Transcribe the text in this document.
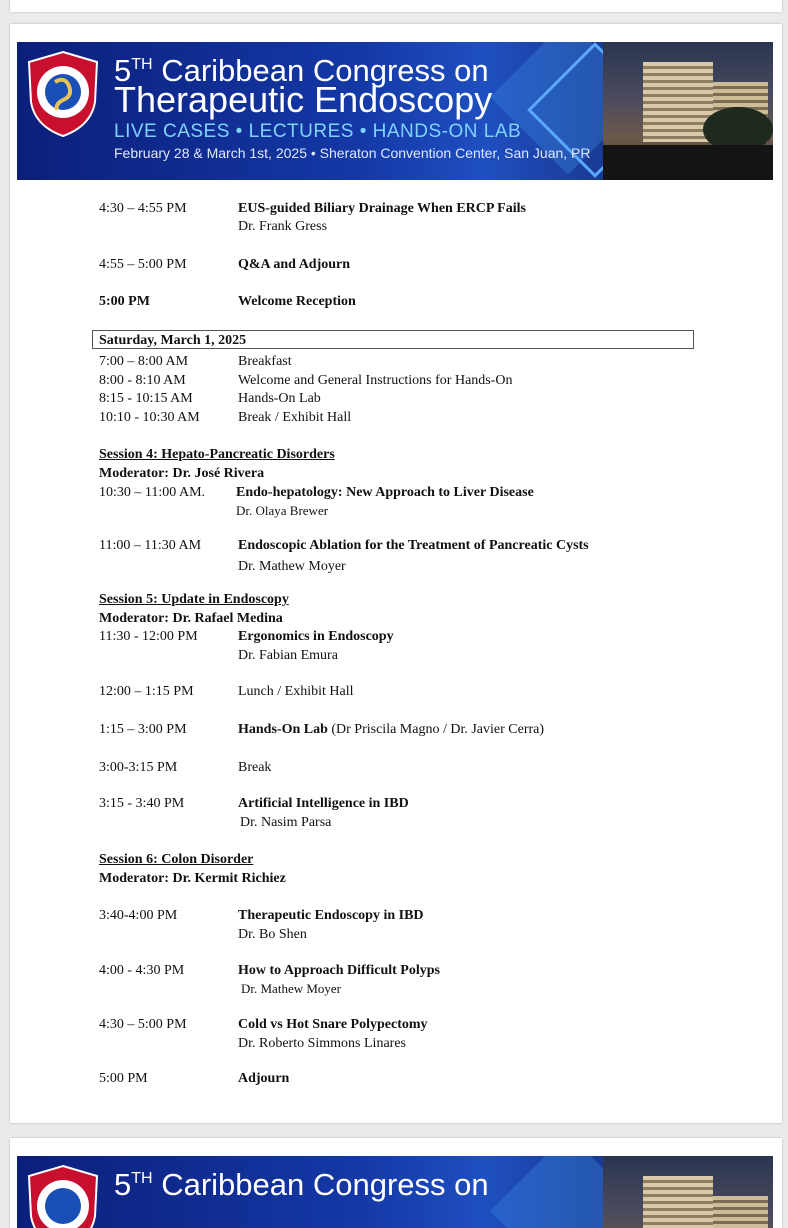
5TH Caribbean Congress on
Therapeutic Endoscopy
LIVE CASES • LECTURES • HANDS-ON LAB
February 28 & March 1st, 2025 • Sheraton Convention Center, San Juan, PR
4:30 – 4:55 PM	EUS-guided Biliary Drainage When ERCP Fails
Dr. Frank Gress
4:55 – 5:00 PM	Q&A and Adjourn
5:00 PM	Welcome Reception
Saturday, March 1, 2025
7:00 – 8:00 AM	Breakfast
8:00 - 8:10 AM	Welcome and General Instructions for Hands-On
8:15 - 10:15 AM	Hands-On Lab
10:10 - 10:30 AM	Break / Exhibit Hall
Session 4: Hepato-Pancreatic Disorders
Moderator: Dr. José Rivera
10:30 – 11:00 AM. Endo-hepatology: New Approach to Liver Disease
Dr. Olaya Brewer
11:00 – 11:30 AM	Endoscopic Ablation for the Treatment of Pancreatic Cysts
Dr. Mathew Moyer
Session 5: Update in Endoscopy
Moderator: Dr. Rafael Medina
11:30 - 12:00 PM	Ergonomics in Endoscopy
Dr. Fabian Emura
12:00 – 1:15 PM	Lunch / Exhibit Hall
1:15 – 3:00 PM	Hands-On Lab (Dr Priscila Magno / Dr. Javier Cerra)
3:00-3:15 PM	Break
3:15 - 3:40 PM	Artificial Intelligence in IBD
Dr. Nasim Parsa
Session 6: Colon Disorder
Moderator: Dr. Kermit Richiez
3:40-4:00 PM	Therapeutic Endoscopy in IBD
Dr. Bo Shen
4:00 - 4:30 PM	How to Approach Difficult Polyps
Dr. Mathew Moyer
4:30 – 5:00 PM	Cold vs Hot Snare Polypectomy
Dr. Roberto Simmons Linares
5:00 PM	Adjourn
5TH Caribbean Congress on
